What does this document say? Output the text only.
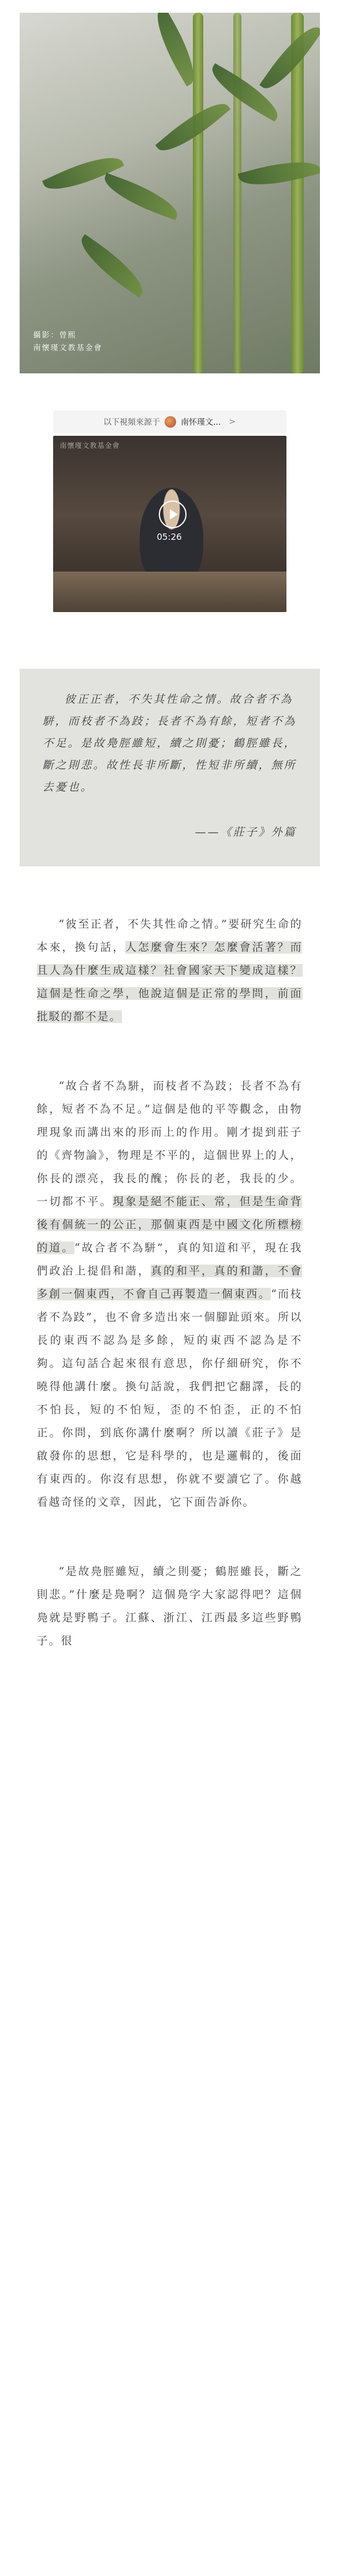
攝影：曾熙
南懷瑾文教基金會
以下視頻來源于	南怀瑾文... >
南懷瑾文教基金會
05:26

彼正正者，不失其性命之情。故合者不為駢，而枝者不為跂；長者不為有餘，短者不為不足。是故鳧脛雖短，續之則憂；鶴脛雖長，斷之則悲。故性長非所斷，性短非所續，無所去憂也。

——《莊子》外篇

“彼至正者，不失其性命之情。”要研究生命的本來，換句話，人怎麼會生來？怎麼會活著？而且人為什麼生成這樣？社會國家天下變成這樣？這個是性命之學，他說這個是正常的學問，前面批駁的都不是。

“故合者不為駢，而枝者不為跂；長者不為有餘，短者不為不足。”這個是他的平等觀念，由物理現象而講出來的形而上的作用。剛才提到莊子的《齊物論》，物理是不平的，這個世界上的人，你長的漂亮，我長的醜；你長的老，我長的少。一切都不平。現象是絕不能正、常，但是生命背後有個統一的公正，那個東西是中國文化所標榜的道。“故合者不為駢”，真的知道和平，現在我們政治上提倡和諧，真的和平，真的和諧，不會多創一個東西，不會自己再製造一個東西。“而枝者不為跂”，也不會多造出來一個腳趾頭來。所以長的東西不認為是多餘，短的東西不認為是不夠。這句話合起來很有意思，你仔細研究，你不曉得他講什麼。換句話說，我們把它翻譯，長的不怕長，短的不怕短，歪的不怕歪，正的不怕正。你問，到底你講什麼啊？所以讀《莊子》是啟發你的思想，它是科學的，也是邏輯的，後面有東西的。你沒有思想，你就不要讀它了。你越看越奇怪的文章，因此，它下面告訴你。

“是故鳧脛雖短，續之則憂；鶴脛雖長，斷之則悲。”什麼是鳧啊？這個鳧字大家認得吧？這個鳧就是野鴨子。江蘇、浙江、江西最多這些野鴨子。很
